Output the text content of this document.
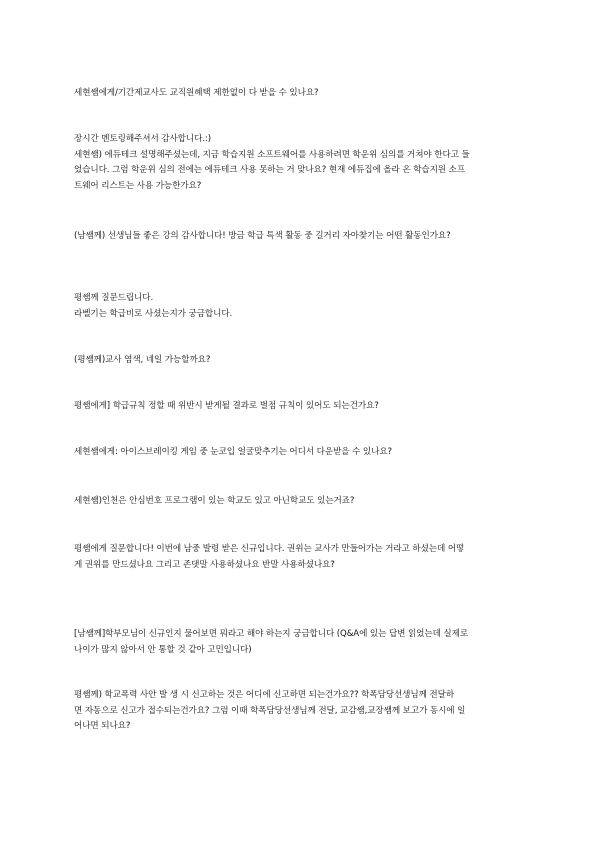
세현쌤에게/기간제교사도 교직원혜택 제한없이 다 받을 수 있나요?
장시간 멘토링해주셔서 감사합니다.:)
세현쌤) 에듀테크 설명해주셨는데, 지금 학습지원 소프트웨어를 사용하려면 학운위 심의를 거쳐야 한다고 들
었습니다. 그럼 학운위 심의 전에는 에듀테크 사용 못하는 거 맞나요? 현재 에듀집에 올라 온 학습지원 소프
트웨어 리스트는 사용 가능한가요?
(남쌤께) 선생님들 좋은 강의 감사합니다! 방금 학급 특색 활동 중 길거리 자아찾기는 어떤 활동인가요?
평쌤께 질문드립니다.
라벨기는 학급비로 사셨는지가 궁금합니다.
(평쌤께)교사 염색, 네일 가능할까요?
평쌤에게] 학급규칙 정할 때 위반시 받게될 결과로 벌점 규칙이 있어도 되는건가요?
세현쌤에게: 아이스브레이킹 게임 중 눈코입 얼굴맞추기는 어디서 다운받을 수 있나요?
세현쌤)인천은 안심번호 프로그램이 있는 학교도 있고 아닌학교도 있는거죠?
평쌤에게 질문합니다! 이번에 남중 발령 받은 신규입니다. 권위는 교사가 만들어가는 거라고 하셨는데 어떻
게 권위를 만드셨나요 그리고 존댓말 사용하셨나요 반말 사용하셨나요?
[남쌤께]학부모님이 신규인지 물어보면 뭐라고 해야 하는지 궁금합니다 (Q&A에 있는 답변 읽었는데 실제로
나이가 많지 않아서 안 통할 것 같아 고민입니다)
평쌤께) 학교폭력 사안 발 생 시 신고하는 것은 어디에 신고하면 되는건가요?? 학폭담당선생님께 전달하
면 자동으로 신고가 접수되는건가요? 그럼 이때 학폭담당선생님께 전달, 교감쌤,교장쌤께 보고가 동시에 일
어나면 되나요?
